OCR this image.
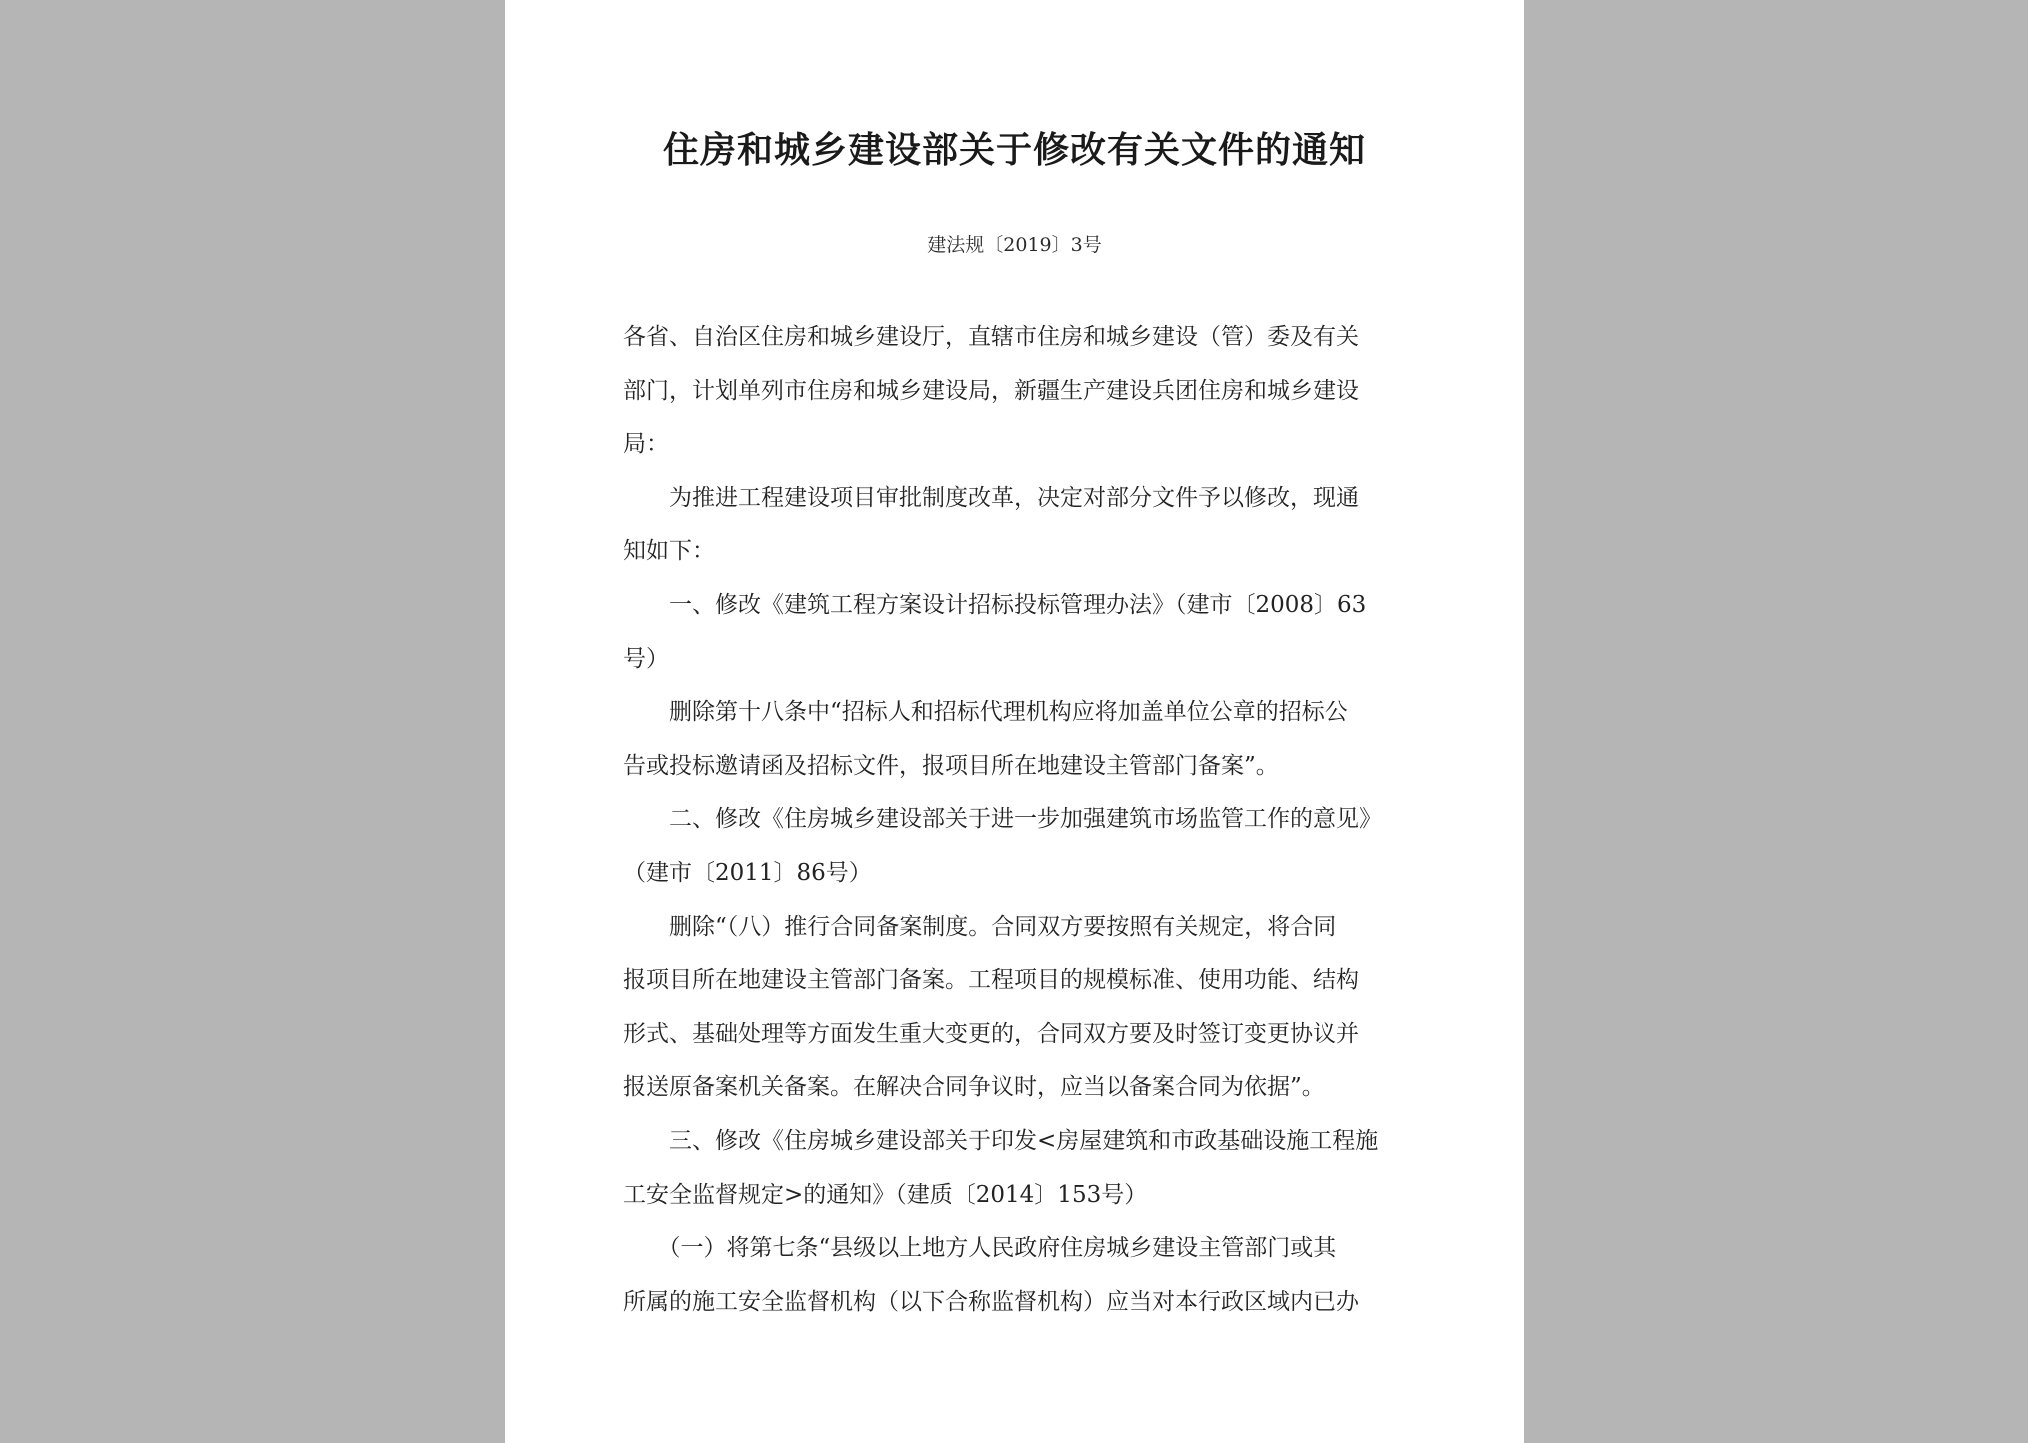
住房和城乡建设部关于修改有关文件的通知
建法规〔2019〕3号
各省、自治区住房和城乡建设厅，直辖市住房和城乡建设（管）委及有关
部门，计划单列市住房和城乡建设局，新疆生产建设兵团住房和城乡建设
局：
　　为推进工程建设项目审批制度改革，决定对部分文件予以修改，现通
知如下：
　　一、修改《建筑工程方案设计招标投标管理办法》（建市〔2008〕63
号）
　　删除第十八条中“招标人和招标代理机构应将加盖单位公章的招标公
告或投标邀请函及招标文件，报项目所在地建设主管部门备案”。
　　二、修改《住房城乡建设部关于进一步加强建筑市场监管工作的意见》
（建市〔2011〕86号）
　　删除“（八）推行合同备案制度。合同双方要按照有关规定，将合同
报项目所在地建设主管部门备案。工程项目的规模标准、使用功能、结构
形式、基础处理等方面发生重大变更的，合同双方要及时签订变更协议并
报送原备案机关备案。在解决合同争议时，应当以备案合同为依据”。
　　三、修改《住房城乡建设部关于印发<房屋建筑和市政基础设施工程施
工安全监督规定>的通知》（建质〔2014〕153号）
　　（一）将第七条“县级以上地方人民政府住房城乡建设主管部门或其
所属的施工安全监督机构（以下合称监督机构）应当对本行政区域内已办
